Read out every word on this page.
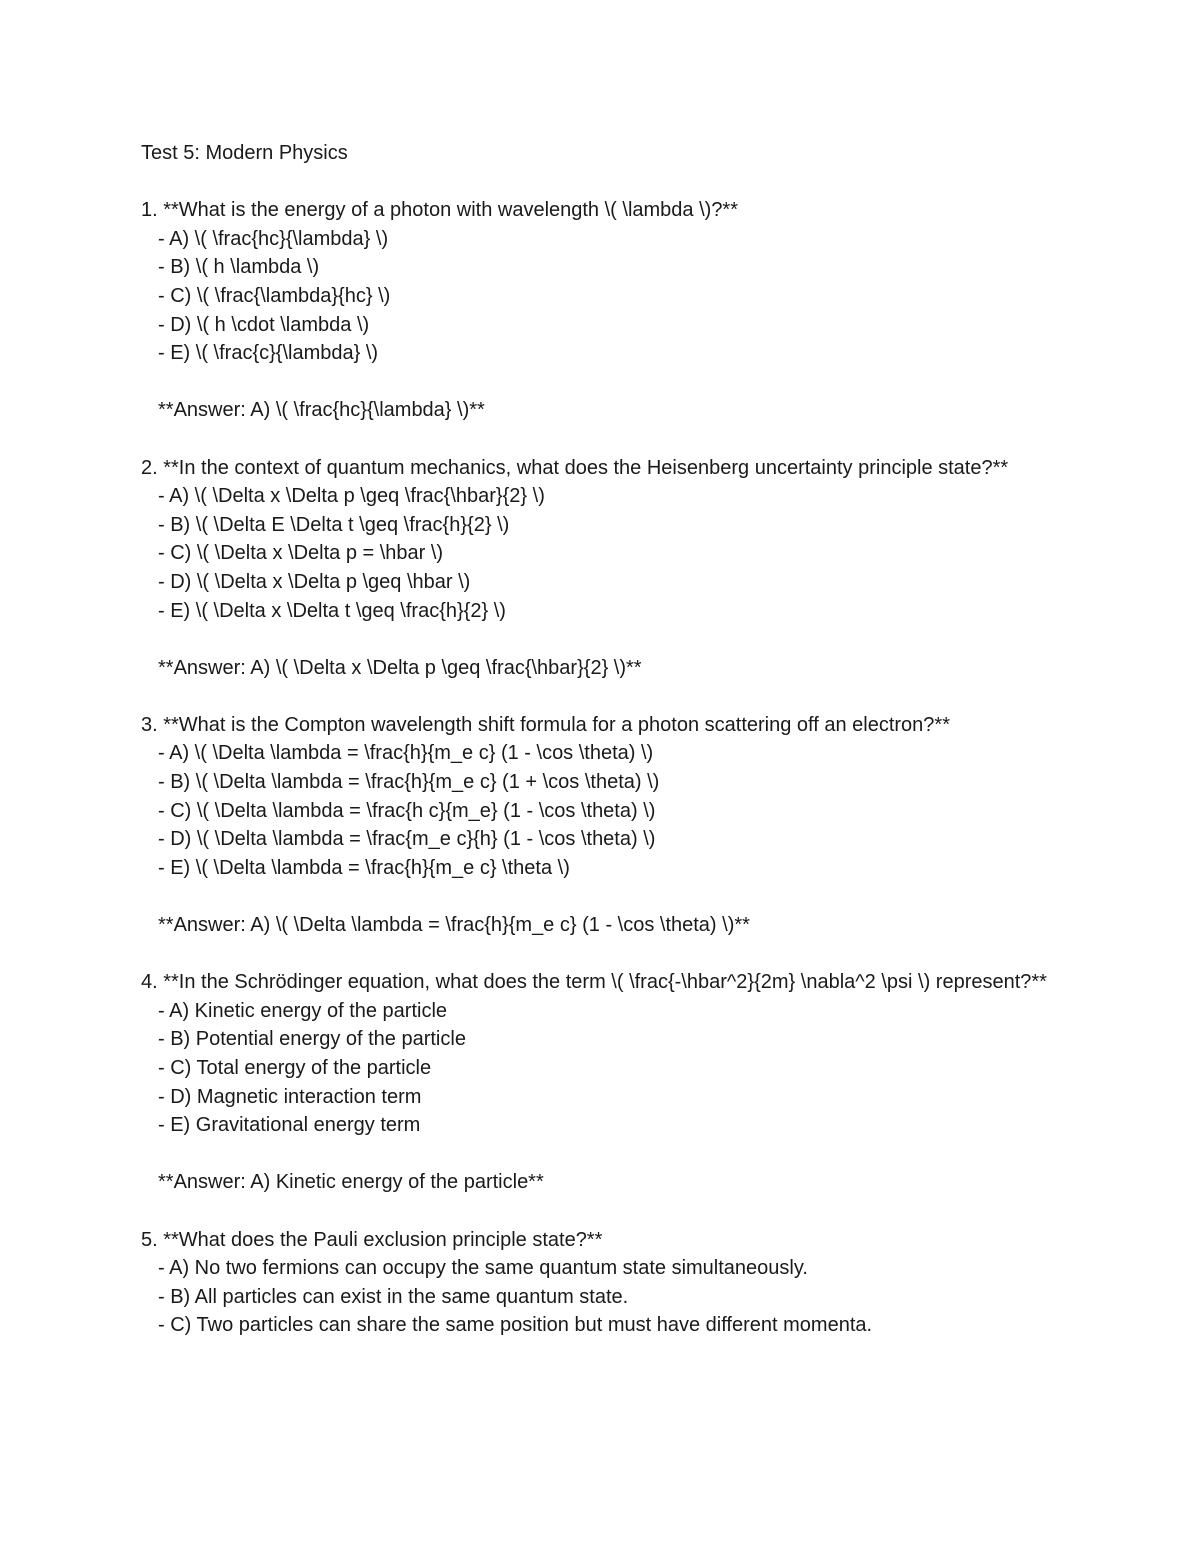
Test 5: Modern Physics
1. **What is the energy of a photon with wavelength \( \lambda \)?**
- A) \( \frac{hc}{\lambda} \)
- B) \( h \lambda \)
- C) \( \frac{\lambda}{hc} \)
- D) \( h \cdot \lambda \)
- E) \( \frac{c}{\lambda} \)
**Answer: A) \( \frac{hc}{\lambda} \)**
2. **In the context of quantum mechanics, what does the Heisenberg uncertainty principle state?**
- A) \( \Delta x \Delta p \geq \frac{\hbar}{2} \)
- B) \( \Delta E \Delta t \geq \frac{h}{2} \)
- C) \( \Delta x \Delta p = \hbar \)
- D) \( \Delta x \Delta p \geq \hbar \)
- E) \( \Delta x \Delta t \geq \frac{h}{2} \)
**Answer: A) \( \Delta x \Delta p \geq \frac{\hbar}{2} \)**
3. **What is the Compton wavelength shift formula for a photon scattering off an electron?**
- A) \( \Delta \lambda = \frac{h}{m_e c} (1 - \cos \theta) \)
- B) \( \Delta \lambda = \frac{h}{m_e c} (1 + \cos \theta) \)
- C) \( \Delta \lambda = \frac{h c}{m_e} (1 - \cos \theta) \)
- D) \( \Delta \lambda = \frac{m_e c}{h} (1 - \cos \theta) \)
- E) \( \Delta \lambda = \frac{h}{m_e c} \theta \)
**Answer: A) \( \Delta \lambda = \frac{h}{m_e c} (1 - \cos \theta) \)**
4. **In the Schrödinger equation, what does the term \( \frac{-\hbar^2}{2m} \nabla^2 \psi \) represent?**
- A) Kinetic energy of the particle
- B) Potential energy of the particle
- C) Total energy of the particle
- D) Magnetic interaction term
- E) Gravitational energy term
**Answer: A) Kinetic energy of the particle**
5. **What does the Pauli exclusion principle state?**
- A) No two fermions can occupy the same quantum state simultaneously.
- B) All particles can exist in the same quantum state.
- C) Two particles can share the same position but must have different momenta.
